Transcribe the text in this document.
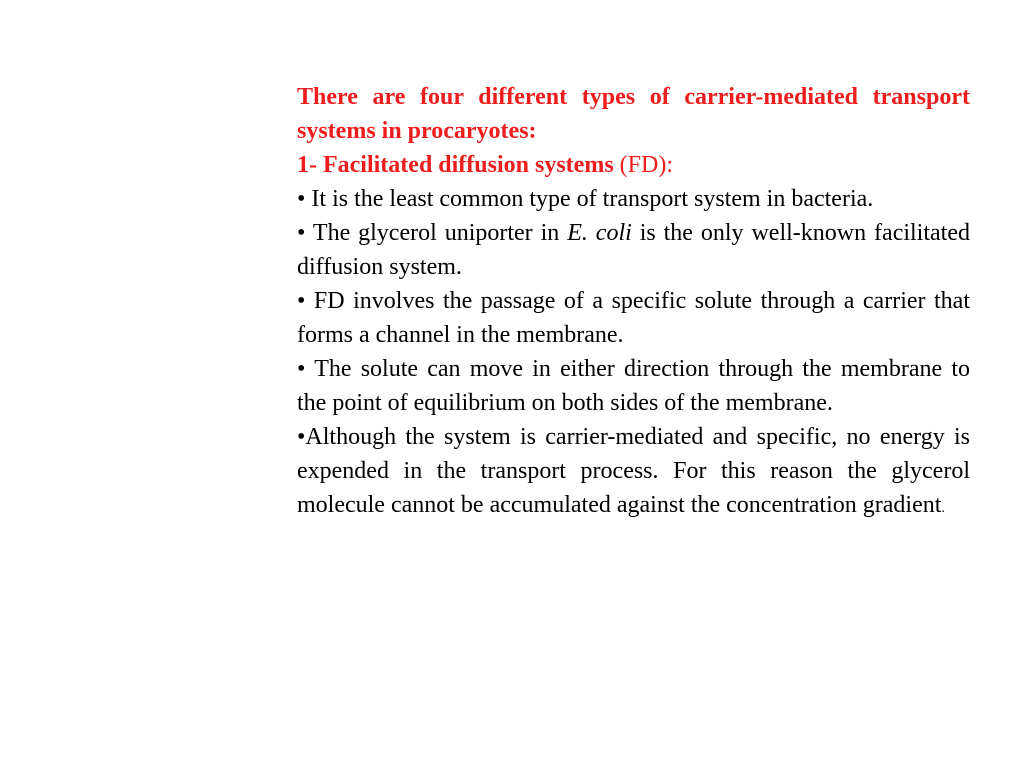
There are four different types of carrier-mediated transport systems in procaryotes:

1- Facilitated diffusion systems (FD):

• It is the least common type of transport system in bacteria.

• The glycerol uniporter in E. coli is the only well-known facilitated diffusion system.

• FD involves the passage of a specific solute through a carrier that forms a channel in the membrane.

• The solute can move in either direction through the membrane to the point of equilibrium on both sides of the membrane.

•Although the system is carrier-mediated and specific, no energy is expended in the transport process. For this reason the glycerol molecule cannot be accumulated against the concentration gradient.
